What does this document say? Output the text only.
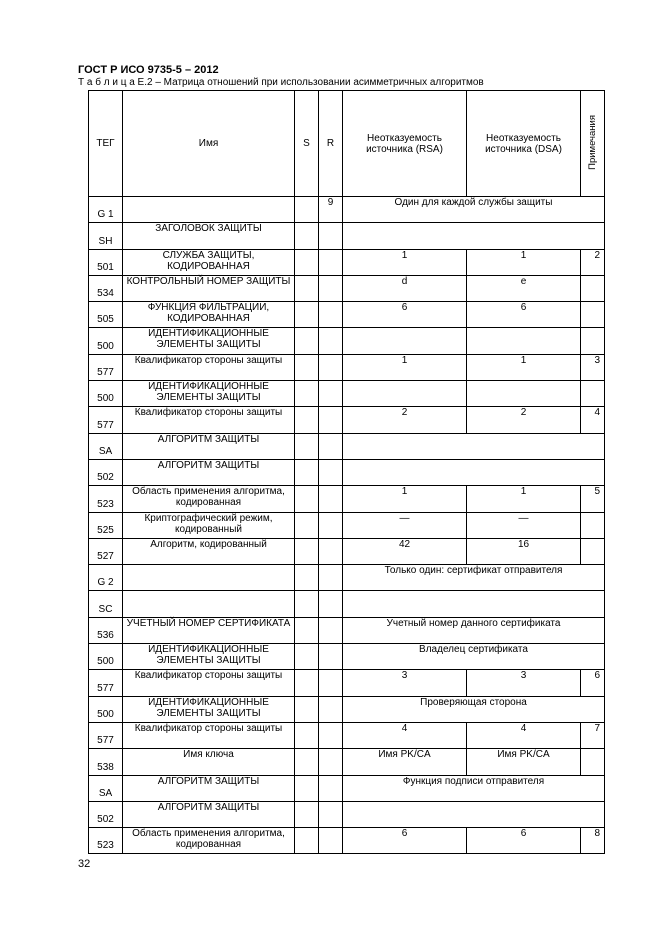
ГОСТ Р ИСО 9735-5 – 2012
Т а б л и ц а Е.2 – Матрица отношений при использовании асимметричных алгоритмов
ТЕГ	Имя	S	R	Неотказуемость источника (RSA)	Неотказуемость источника (DSA)	Примечания
G 1			9	Один для каждой службы защиты		
SH	ЗАГОЛОВОК ЗАЩИТЫ					
501	СЛУЖБА ЗАЩИТЫ, КОДИРОВАННАЯ			1	1	2
534	КОНТРОЛЬНЫЙ НОМЕР ЗАЩИТЫ			d	e	
505	ФУНКЦИЯ ФИЛЬТРАЦИИ, КОДИРОВАННАЯ			6	6	
500	ИДЕНТИФИКАЦИОННЫЕ ЭЛЕМЕНТЫ ЗАЩИТЫ					
577	Квалификатор стороны защиты			1	1	3
500	ИДЕНТИФИКАЦИОННЫЕ ЭЛЕМЕНТЫ ЗАЩИТЫ					
577	Квалификатор стороны защиты			2	2	4
SA	АЛГОРИТМ ЗАЩИТЫ					
502	АЛГОРИТМ ЗАЩИТЫ					
523	Область применения алгоритма, кодированная			1	1	5
525	Криптографический режим, кодированный			—	—	
527	Алгоритм, кодированный			42	16	
G 2				Только один: сертификат отправителя		
SC						
536	УЧЕТНЫЙ НОМЕР СЕРТИФИКАТА			Учетный номер данного сертификата		
500	ИДЕНТИФИКАЦИОННЫЕ ЭЛЕМЕНТЫ ЗАЩИТЫ			Владелец сертификата		
577	Квалификатор стороны защиты			3	3	6
500	ИДЕНТИФИКАЦИОННЫЕ ЭЛЕМЕНТЫ ЗАЩИТЫ			Проверяющая сторона		
577	Квалификатор стороны защиты			4	4	7
538	Имя ключа			Имя PK/CA	Имя PK/CA	
SA	АЛГОРИТМ ЗАЩИТЫ			Функция подписи отправителя		
502	АЛГОРИТМ ЗАЩИТЫ					
523	Область применения алгоритма, кодированная			6	6	8
32
